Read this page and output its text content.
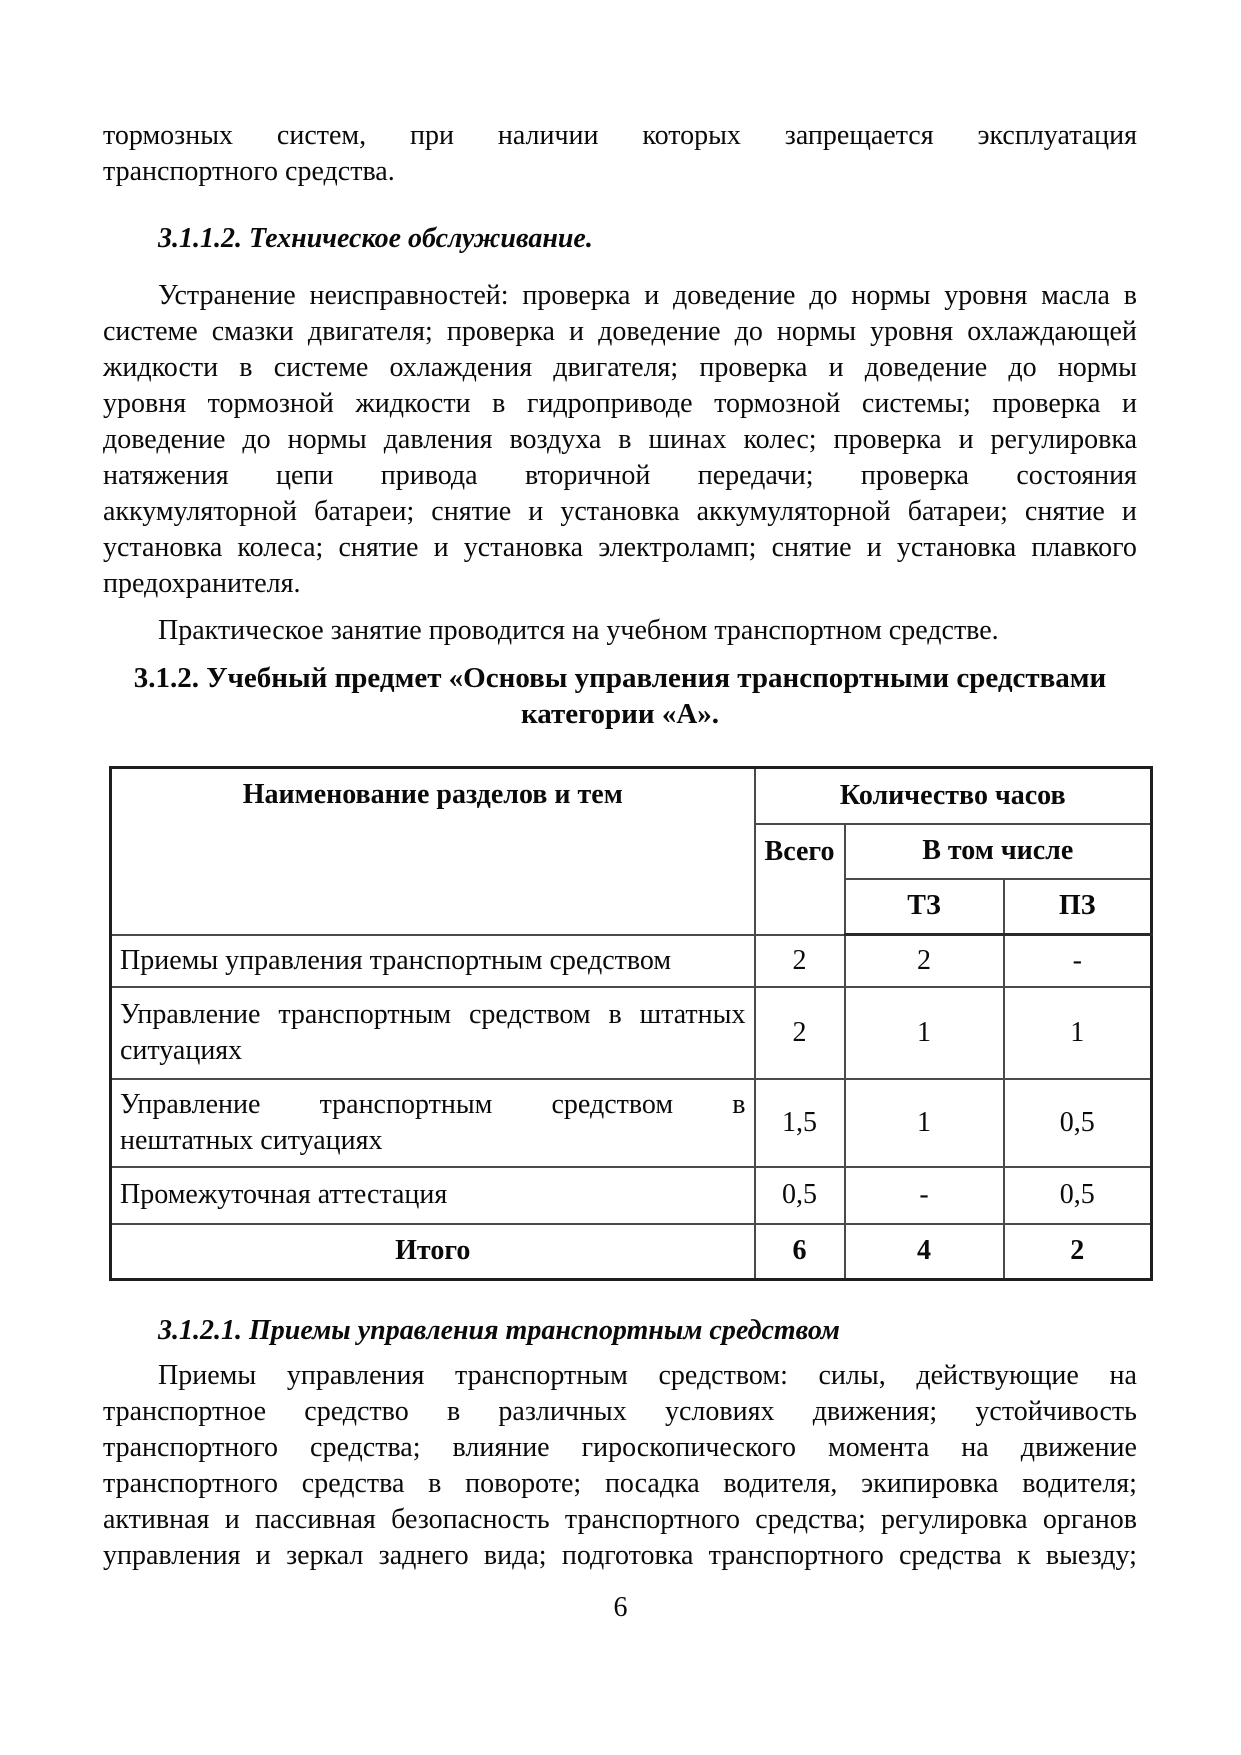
тормозных систем, при наличии которых запрещается эксплуатация
транспортного средства.
3.1.1.2. Техническое обслуживание.
Устранение неисправностей: проверка и доведение до нормы уровня масла в
системе смазки двигателя; проверка и доведение до нормы уровня охлаждающей
жидкости в системе охлаждения двигателя; проверка и доведение до нормы
уровня тормозной жидкости в гидроприводе тормозной системы; проверка и
доведение до нормы давления воздуха в шинах колес; проверка и регулировка
натяжения цепи привода вторичной передачи; проверка состояния
аккумуляторной батареи; снятие и установка аккумуляторной батареи; снятие и
установка колеса; снятие и установка электроламп; снятие и установка плавкого
предохранителя.
Практическое занятие проводится на учебном транспортном средстве.
3.1.2. Учебный предмет «Основы управления транспортными средствами
категории «А».
Наименование разделов и тем	Количество часов		
	Всего	В том числе	
		ТЗ	ПЗ

Приемы управления транспортным средством	2	2	-

Управление транспортным средством в штатных
ситуациях
	2	1	1

Управление транспортным средством в
нештатных ситуациях	1,5	1	0,5

Промежуточная аттестация	0,5	-	0,5
Итого	6	4	2
3.1.2.1. Приемы управления транспортным средством
Приемы управления транспортным средством: силы, действующие на
транспортное средство в различных условиях движения; устойчивость
транспортного средства; влияние гироскопического момента на движение
транспортного средства в повороте; посадка водителя, экипировка водителя;
активная и пассивная безопасность транспортного средства; регулировка органов
управления и зеркал заднего вида; подготовка транспортного средства к выезду;
6
